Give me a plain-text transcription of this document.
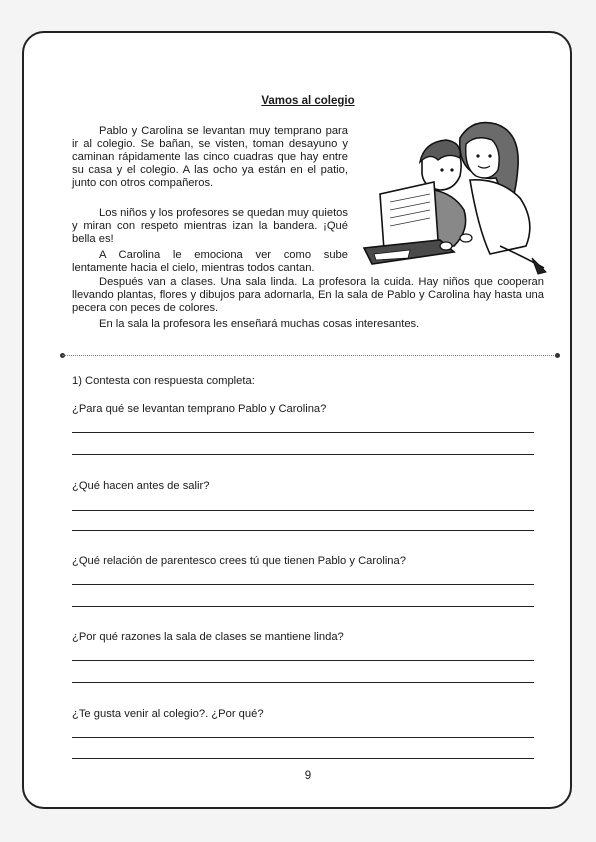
Vamos al colegio

Pablo y Carolina se levantan muy temprano para ir al colegio. Se bañan, se visten, toman desayuno y caminan rápidamente las cinco cuadras que hay entre su casa y el colegio. A las ocho ya están en el patio, junto con otros compañeros.

Los niños y los profesores se quedan muy quietos y miran con respeto mientras izan la bandera. ¡Qué bella es!

A Carolina le emociona ver como sube lentamente hacia el cielo, mientras todos cantan.

Después van a clases. Una sala linda. La profesora la cuida. Hay niños que cooperan llevando plantas, flores y dibujos para adornarla, En la sala de Pablo y Carolina hay hasta una pecera con peces de colores.

En la sala la profesora les enseñará muchas cosas interesantes.

1) Contesta con respuesta completa:
¿Para qué se levantan temprano Pablo y Carolina?
¿Qué hacen antes de salir?
¿Qué relación de parentesco crees tú que tienen Pablo y Carolina?
¿Por qué razones la sala de clases se mantiene linda?
¿Te gusta venir al colegio?. ¿Por qué?
9
